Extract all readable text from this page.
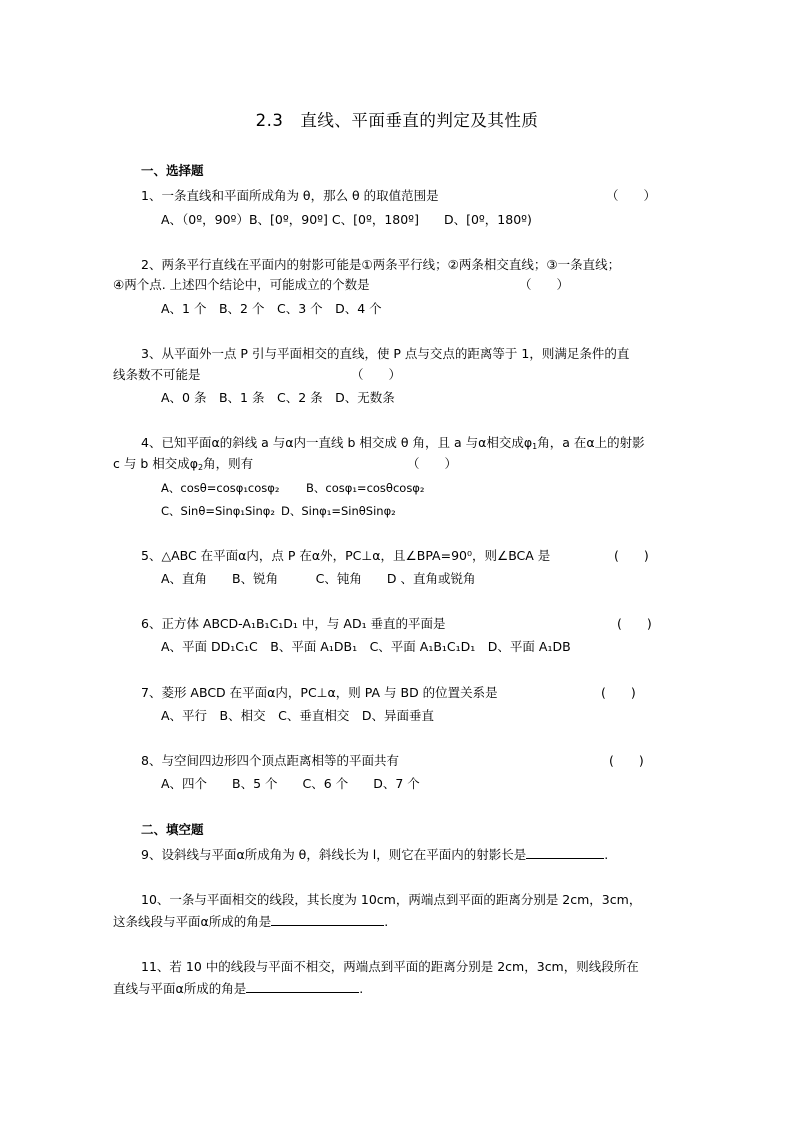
2.3　直线、平面垂直的判定及其性质
一、选择题
1、一条直线和平面所成角为 θ，那么 θ 的取值范围是	（　　）
A、（0º，90º）B、[0º，90º] C、[0º，180º]　　D、[0º，180º)
2、两条平行直线在平面内的射影可能是①两条平行线；②两条相交直线；③一条直线；
④两个点. 上述四个结论中，可能成立的个数是	（　　）
A、1 个　B、2 个　C、3 个　D、4 个
3、从平面外一点 P 引与平面相交的直线，使 P 点与交点的距离等于 1，则满足条件的直
线条数不可能是	（　　）
A、0 条　B、1 条　C、2 条　D、无数条
4、已知平面α的斜线 a 与α内一直线 b 相交成 θ 角，且 a 与α相交成$\varphi_1$角，a 在α上的射影
c 与 b 相交成$\varphi_2$角，则有	（　　）
A、cosθ=cosφ₁cosφ₂ B、cosφ₁=cosθcosφ₂
C、Sinθ=Sinφ₁Sinφ₂ D、Sinφ₁=SinθSinφ₂
5、△ABC 在平面α内，点 P 在α外，PC⊥α，且∠BPA=90⁰，则∠BCA 是	(　　)
A、直角　　B、锐角　　　C、钝角　　D 、直角或锐角
6、正方体 ABCD-A₁B₁C₁D₁ 中，与 AD₁ 垂直的平面是	(　　)
A、平面 DD₁C₁C　B、平面 A₁DB₁　C、平面 A₁B₁C₁D₁　D、平面 A₁DB
7、菱形 ABCD 在平面α内，PC⊥α，则 PA 与 BD 的位置关系是	(　　)
A、平行　B、相交　C、垂直相交　D、异面垂直
8、与空间四边形四个顶点距离相等的平面共有	(　　)
A、四个　　B、5 个　　C、6 个　　D、7 个
二、填空题
9、设斜线与平面α所成角为 θ，斜线长为 l，则它在平面内的射影长是	.
10、一条与平面相交的线段，其长度为 10cm，两端点到平面的距离分别是 2cm，3cm，
这条线段与平面α所成的角是	.
11、若 10 中的线段与平面不相交，两端点到平面的距离分别是 2cm，3cm，则线段所在
直线与平面α所成的角是	.
